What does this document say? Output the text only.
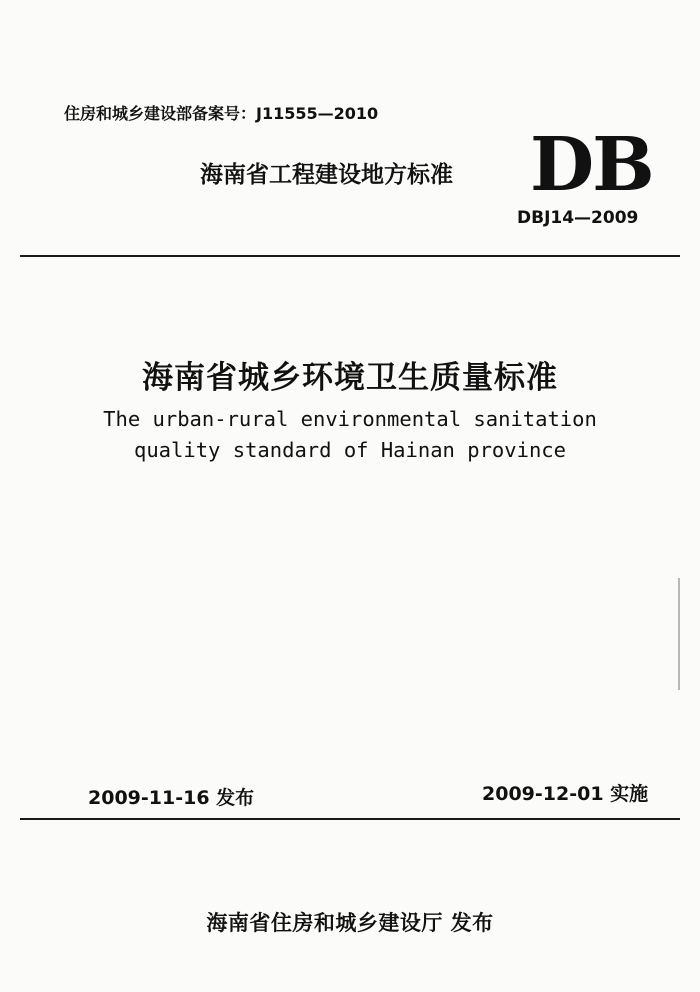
住房和城乡建设部备案号：J11555—2010
海南省工程建设地方标准 DB
DBJ14—2009
海南省城乡环境卫生质量标准
The urban-rural environmental sanitation
quality standard of Hainan province
2009-11-16 发布	2009-12-01 实施
海南省住房和城乡建设厅 发布
